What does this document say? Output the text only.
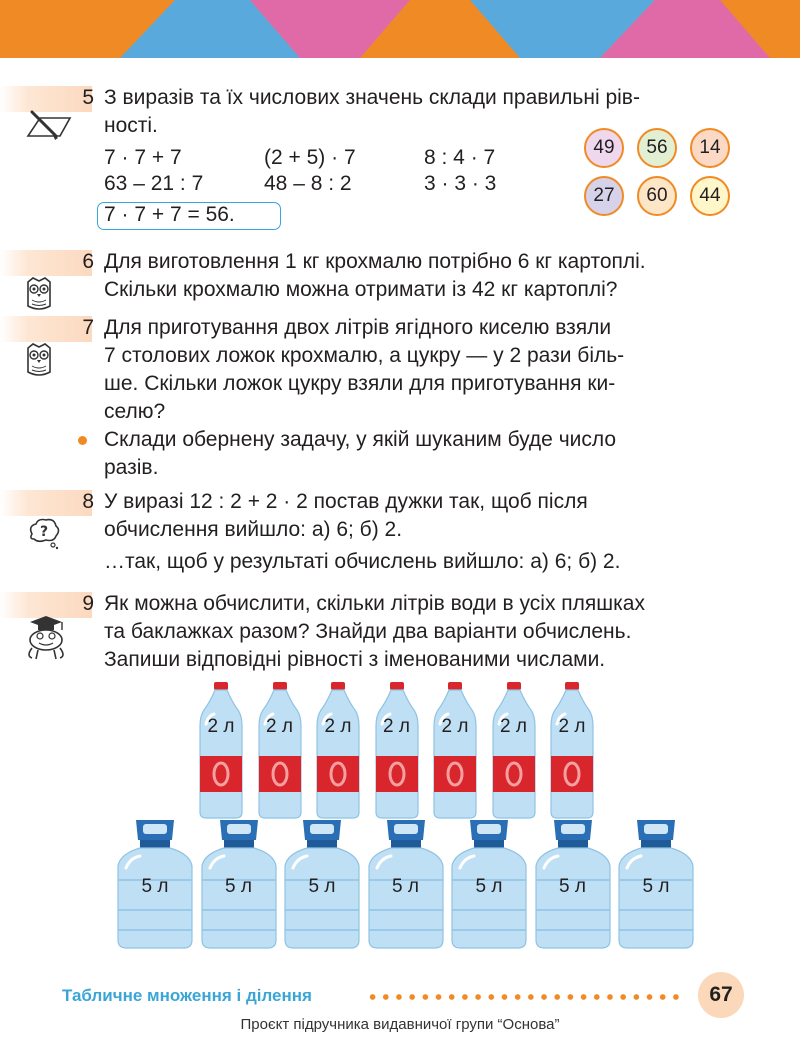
5 З виразів та їх числових значень склади правильні рів-
ності.
7 · 7 + 7	(2 + 5) · 7	8 : 4 · 7
63 – 21 : 7	48 – 8 : 2	3 · 3 · 3
7 · 7 + 7 = 56.
49	56	14
27	60	44
6 Для виготовлення 1 кг крохмалю потрібно 6 кг картоплі.
Скільки крохмалю можна отримати із 42 кг картоплі?
7 Для приготування двох літрів ягідного киселю взяли
7 столових ложок крохмалю, а цукру — у 2 рази біль-
ше. Скільки ложок цукру взяли для приготування ки-
селю?
Склади обернену задачу, у якій шуканим буде число
разів.
8
?
У виразі 12 : 2 + 2 · 2 постав дужки так, щоб після
обчислення вийшло: а) 6; б) 2.
…так, щоб у результаті обчислень вийшло: а) 6; б) 2.
9 Як можна обчислити, скільки літрів води в усіх пляшках
та баклажках разом? Знайди два варіанти обчислень.
Запиши відповідні рівності з іменованими числами.
2 л	2 л	2 л	2 л	2 л	2 л	2 л
5 л	5 л	5 л	5 л	5 л	5 л	5 л
Табличне множення і ділення	67
Проєкт підручника видавничої групи “Основа”
